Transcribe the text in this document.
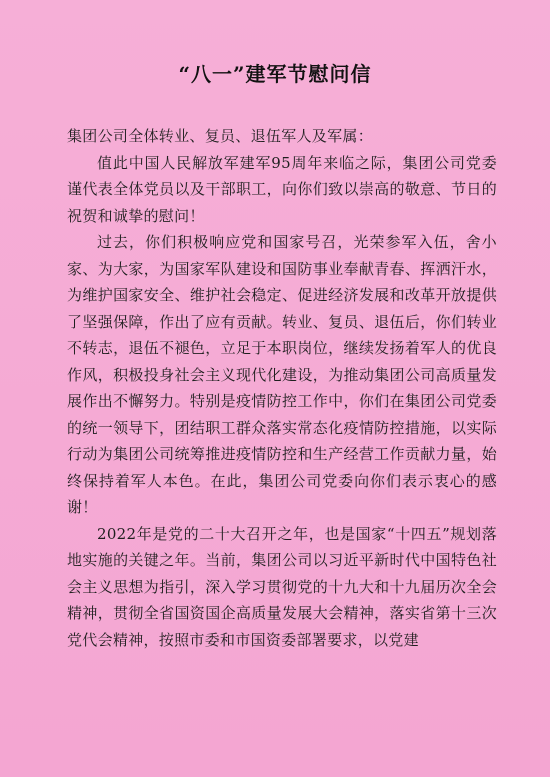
“八一”建军节慰问信

集团公司全体转业、复员、退伍军人及军属：

值此中国人民解放军建军95周年来临之际，集团公司党委谨代表全体党员以及干部职工，向你们致以崇高的敬意、节日的祝贺和诚挚的慰问！

过去，你们积极响应党和国家号召，光荣参军入伍，舍小家、为大家，为国家军队建设和国防事业奉献青春、挥洒汗水，为维护国家安全、维护社会稳定、促进经济发展和改革开放提供了坚强保障，作出了应有贡献。转业、复员、退伍后，你们转业不转志，退伍不褪色，立足于本职岗位，继续发扬着军人的优良作风，积极投身社会主义现代化建设，为推动集团公司高质量发展作出不懈努力。特别是疫情防控工作中，你们在集团公司党委的统一领导下，团结职工群众落实常态化疫情防控措施，以实际行动为集团公司统筹推进疫情防控和生产经营工作贡献力量，始终保持着军人本色。在此，集团公司党委向你们表示衷心的感谢！

2022年是党的二十大召开之年，也是国家“十四五”规划落地实施的关键之年。当前，集团公司以习近平新时代中国特色社会主义思想为指引，深入学习贯彻党的十九大和十九届历次全会精神，贯彻全省国资国企高质量发展大会精神，落实省第十三次党代会精神，按照市委和市国资委部署要求，以党建
